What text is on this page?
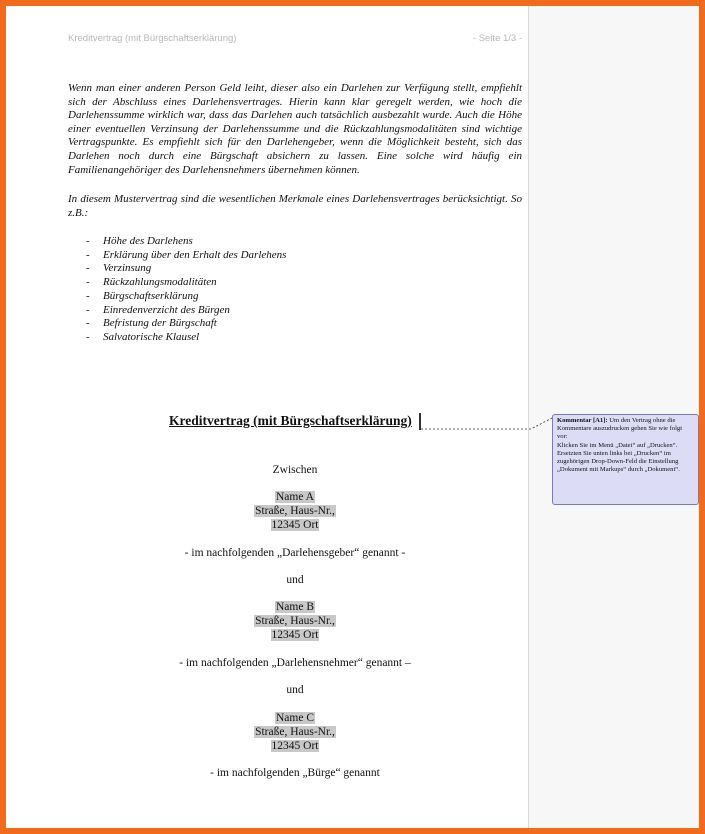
Kreditvertrag (mit Bürgschaftserklärung)	- Seite 1/3 -

Wenn man einer anderen Person Geld leiht, dieser also ein Darlehen zur Verfügung stellt, empfiehlt sich der Abschluss eines Darlehensvertrages. Hierin kann klar geregelt werden, wie hoch die Darlehenssumme wirklich war, dass das Darlehen auch tatsächlich ausbezahlt wurde. Auch die Höhe einer eventuellen Verzinsung der Darlehenssumme und die Rückzahlungsmodalitäten sind wichtige Vertragspunkte. Es empfiehlt sich für den Darlehengeber, wenn die Möglichkeit besteht, sich das Darlehen noch durch eine Bürgschaft absichern zu lassen. Eine solche wird häufig ein Familienangehöriger des Darlehensnehmers übernehmen können.

In diesem Mustervertrag sind die wesentlichen Merkmale eines Darlehensvertrages berücksichtigt. So z.B.:

- Höhe des Darlehens
- Erklärung über den Erhalt des Darlehens
- Verzinsung
- Rückzahlungsmodalitäten
- Bürgschaftserklärung
- Einredenverzicht des Bürgen
- Befristung der Bürgschaft
- Salvatorische Klausel
Kreditvertrag (mit Bürgschaftserklärung)
Zwischen
Name A
Straße, Haus-Nr.,
12345 Ort
- im nachfolgenden „Darlehensgeber“ genannt -
und
Name B
Straße, Haus-Nr.,
12345 Ort
- im nachfolgenden „Darlehensnehmer“ genannt –
und
Name C
Straße, Haus-Nr.,
12345 Ort
- im nachfolgenden „Bürge“ genannt
Kommentar [A1]: Um den Vertrag ohne die Kommentare auszudrucken gehen Sie wie folgt vor:
Klicken Sie im Menü „Datei“ auf „Drucken“.
Ersetzten Sie unten links bei „Drucken“ im zugehörigen Drop-Down-Feld die Einstellung „Dokument mit Markups“ durch „Dokument“.
